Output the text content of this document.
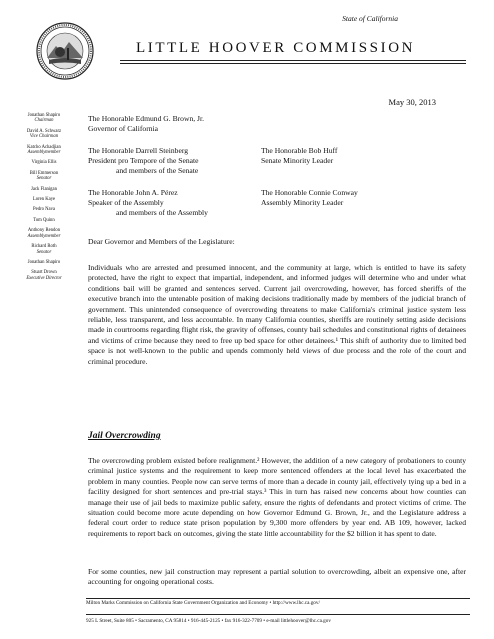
State of California
LITTLE HOOVER COMMISSION
May 30, 2013
Jonathan Shapiro
Chairman
David A. Schwarz
Vice Chairman
Katcho Achadjian
Assemblymember
Virginia Ellis
Bill Emmerson
Senator
Jack Flanigan
Loren Kaye
Pedro Nava
Tom Quinn
Anthony Rendon
Assemblymember
Richard Roth
Senator
Jonathan Shapiro
Stuart Drown
Executive Director
The Honorable Edmund G. Brown, Jr.
Governor of California
The Honorable Darrell Steinberg
President pro Tempore of the Senate
and members of the Senate
The Honorable Bob Huff
Senate Minority Leader
The Honorable John A. Pérez
Speaker of the Assembly
and members of the Assembly
The Honorable Connie Conway
Assembly Minority Leader
Dear Governor and Members of the Legislature:
Individuals who are arrested and presumed innocent, and the community at large, which is entitled to have its safety protected, have the right to expect that impartial, independent, and informed judges will determine who and under what conditions bail will be granted and sentences served. Current jail overcrowding, however, has forced sheriffs of the executive branch into the untenable position of making decisions traditionally made by members of the judicial branch of government. This unintended consequence of overcrowding threatens to make California's criminal justice system less reliable, less transparent, and less accountable. In many California counties, sheriffs are routinely setting aside decisions made in courtrooms regarding flight risk, the gravity of offenses, county bail schedules and constitutional rights of detainees and victims of crime because they need to free up bed space for other detainees.¹ This shift of authority due to limited bed space is not well-known to the public and upends commonly held views of due process and the role of the court and criminal procedure.
Jail Overcrowding
The overcrowding problem existed before realignment.² However, the addition of a new category of probationers to county criminal justice systems and the requirement to keep more sentenced offenders at the local level has exacerbated the problem in many counties. People now can serve terms of more than a decade in county jail, effectively tying up a bed in a facility designed for short sentences and pre-trial stays.³ This in turn has raised new concerns about how counties can manage their use of jail beds to maximize public safety, ensure the rights of defendants and protect victims of crime. The situation could become more acute depending on how Governor Edmund G. Brown, Jr., and the Legislature address a federal court order to reduce state prison population by 9,300 more offenders by year end. AB 109, however, lacked requirements to report back on outcomes, giving the state little accountability for the $2 billion it has spent to date.
For some counties, new jail construction may represent a partial solution to overcrowding, albeit an expensive one, after accounting for ongoing operational costs.
Milton Marks Commission on California State Government Organization and Economy • http://www.lhc.ca.gov/
925 L Street, Suite 805 • Sacramento, CA 95814 • 916-445-2125 • fax 916-322-7709 • e-mail littlehoover@lhc.ca.gov
